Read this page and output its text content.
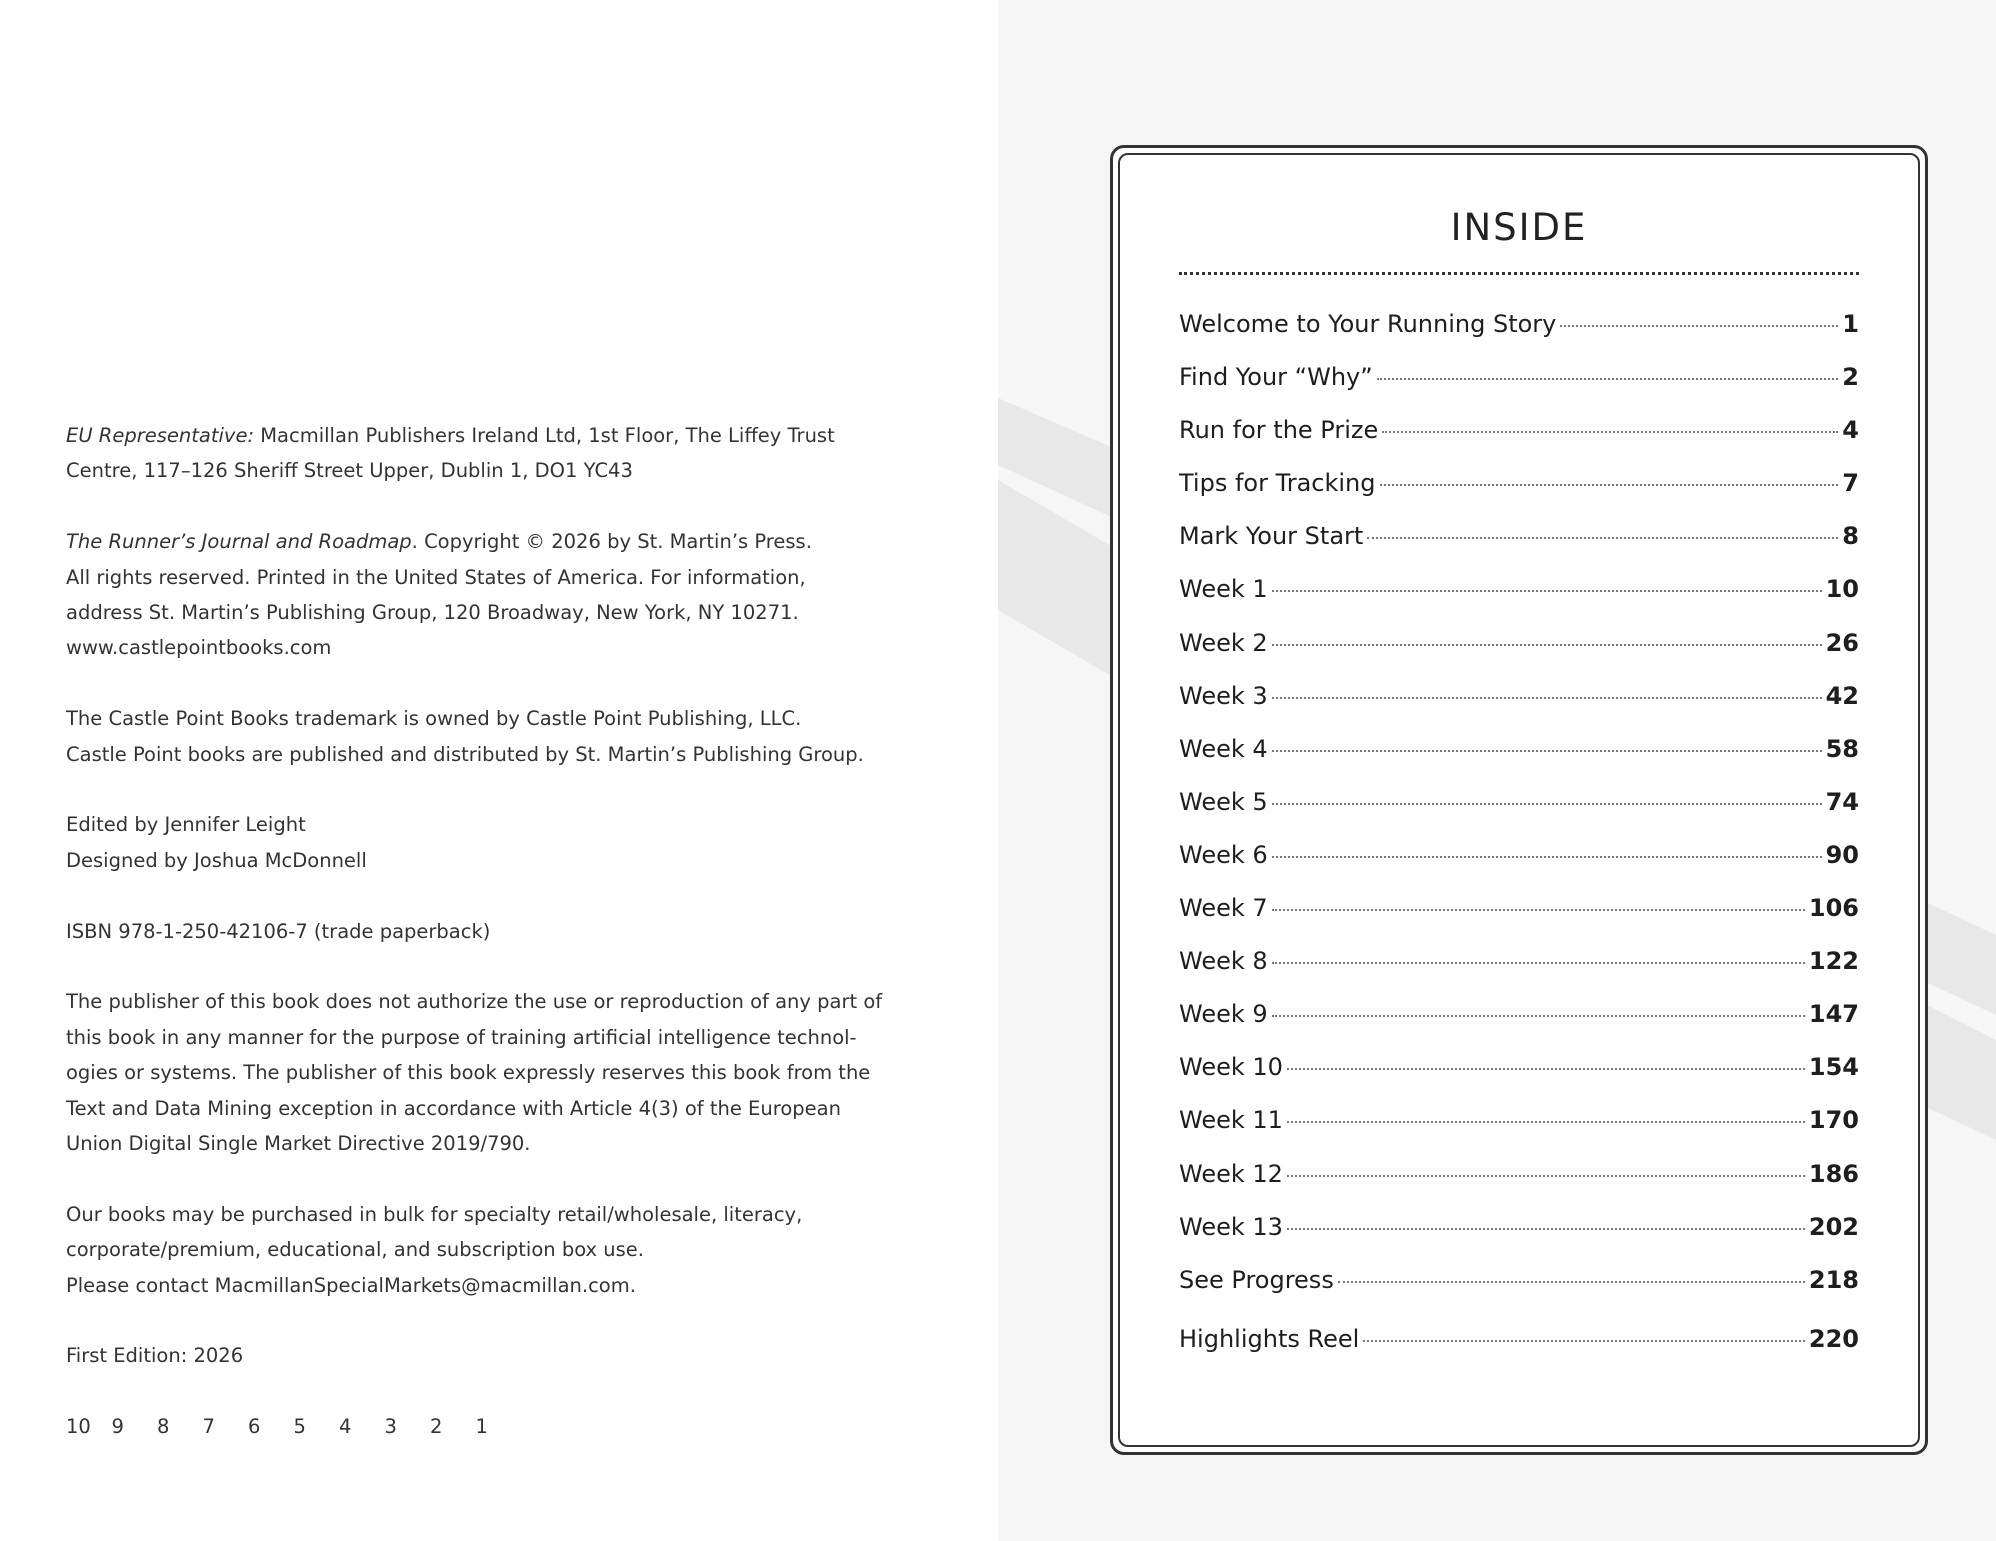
EU Representative: Macmillan Publishers Ireland Ltd, 1st Floor, The Liffey Trust
Centre, 117–126 Sheriff Street Upper, Dublin 1, DO1 YC43

The Runner’s Journal and Roadmap. Copyright © 2026 by St. Martin’s Press.
All rights reserved. Printed in the United States of America. For information,
address St. Martin’s Publishing Group, 120 Broadway, New York, NY 10271.
www.castlepointbooks.com

The Castle Point Books trademark is owned by Castle Point Publishing, LLC.
Castle Point books are published and distributed by St. Martin’s Publishing Group.

Edited by Jennifer Leight
Designed by Joshua McDonnell

ISBN 978-1-250-42106-7 (trade paperback)

The publisher of this book does not authorize the use or reproduction of any part of
this book in any manner for the purpose of training artificial intelligence technol-
ogies or systems. The publisher of this book expressly reserves this book from the
Text and Data Mining exception in accordance with Article 4(3) of the European
Union Digital Single Market Directive 2019/790.

Our books may be purchased in bulk for specialty retail/wholesale, literacy,
corporate/premium, educational, and subscription box use.
Please contact MacmillanSpecialMarkets@macmillan.com.

First Edition: 2026

10	9	8	7	6	5	4	3	2	1
INSIDE
Welcome to Your Running Story	1
Find Your “Why”	2
Run for the Prize	4
Tips for Tracking	7
Mark Your Start	8
Week 1	10
Week 2	26
Week 3	42
Week 4	58
Week 5	74
Week 6	90
Week 7	106
Week 8	122
Week 9	147
Week 10	154
Week 11	170
Week 12	186
Week 13	202
See Progress	218
Highlights Reel	220
